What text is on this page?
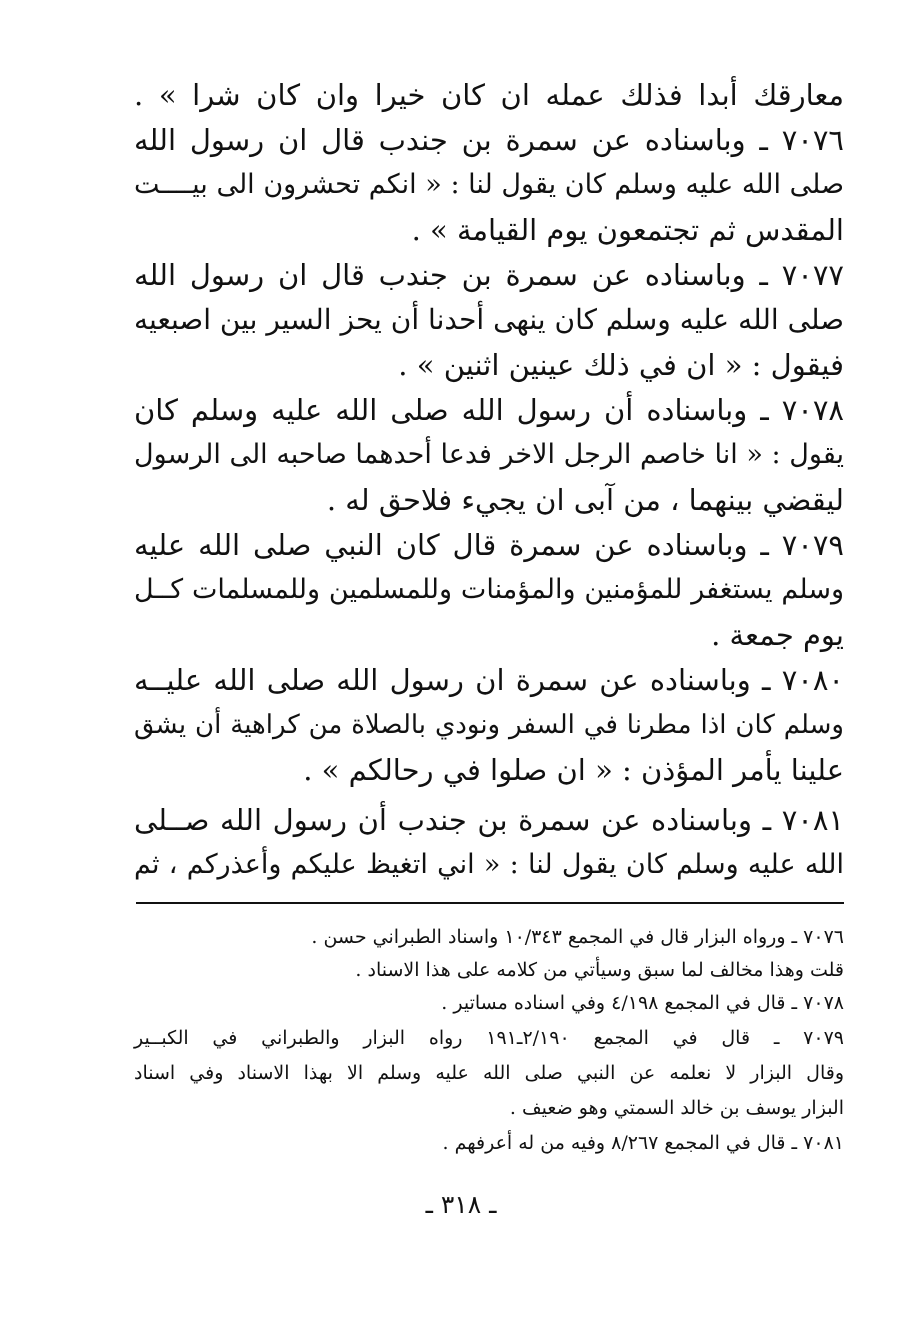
معارقك أبدا فذلك عمله ان كان خيرا وان كان شرا » .
٧٠٧٦ ـ وباسناده عن سمرة بن جندب قال ان رسول الله
صلى الله عليه وسلم كان يقول لنا : « انكم تحشرون الى بيــــت
المقدس ثم تجتمعون يوم القيامة » .
٧٠٧٧ ـ وباسناده عن سمرة بن جندب قال ان رسول الله
صلى الله عليه وسلم كان ينهى أحدنا أن يحز السير بين اصبعيه
فيقول : « ان في ذلك عينين اثنين » .
٧٠٧٨ ـ وباسناده أن رسول الله صلى الله عليه وسلم كان
يقول : « انا خاصم الرجل الاخر فدعا أحدهما صاحبه الى الرسول
ليقضي بينهما ، من آبى ان يجيء فلاحق له .
٧٠٧٩ ـ وباسناده عن سمرة قال كان النبي صلى الله عليه
وسلم يستغفر للمؤمنين والمؤمنات وللمسلمين وللمسلمات كــل
يوم جمعة .
٧٠٨٠ ـ وباسناده عن سمرة ان رسول الله صلى الله عليــه
وسلم كان اذا مطرنا في السفر ونودي بالصلاة من كراهية أن يشق
علينا يأمر المؤذن : « ان صلوا في رحالكم » .
٧٠٨١ ـ وباسناده عن سمرة بن جندب أن رسول الله صــلى
الله عليه وسلم كان يقول لنا : « اني اتغيظ عليكم وأعذركم ، ثم
٧٠٧٦ ـ ورواه البزار قال في المجمع ١٠/٣٤٣ واسناد الطبراني حسن .
قلت وهذا مخالف لما سبق وسيأتي من كلامه على هذا الاسناد .
٧٠٧٨ ـ قال في المجمع ٤/١٩٨ وفي اسناده مساتير .
٧٠٧٩ ـ قال في المجمع ٢/١٩٠ـ١٩١ رواه البزار والطبراني في الكبــير
وقال البزار لا نعلمه عن النبي صلى الله عليه وسلم الا بهذا الاسناد وفي اسناد
البزار يوسف بن خالد السمتي وهو ضعيف .
٧٠٨١ ـ قال في المجمع ٨/٢٦٧ وفيه من له أعرفهم .
ـ ٣١٨ ـ
